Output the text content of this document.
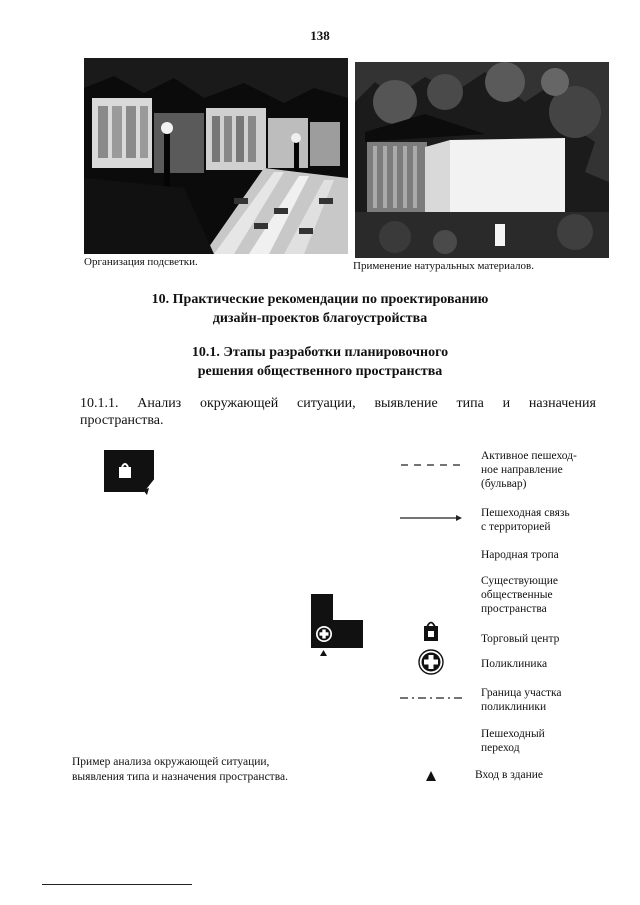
138
Организация подсветки.	Применение натуральных материалов.
10. Практические рекомендации по проектированию
дизайн-проектов благоустройства
10.1. Этапы разработки планировочного
решения общественного пространства
10.1.1. Анализ окружающей ситуации, выявление типа и назначения
пространства.
Активное пешеход-
ное направление
(бульвар)
Пешеходная связь
с территорией
Народная тропа
Существующие
общественные
пространства
Торговый центр
Поликлиника
Граница участка
поликлиники
Пешеходный
переход
Вход в здание
Пример анализа окружающей ситуации,
выявления типа и назначения пространства.
